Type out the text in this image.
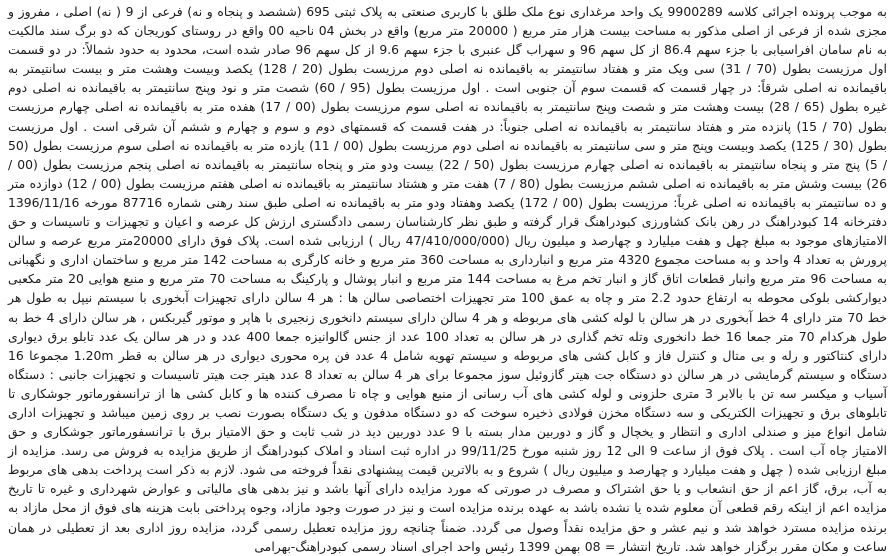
به موجب پرونده اجرائی کلاسه 9900289 یک واحد مرغداری نوع ملک طلق با کاربری صنعتی به پلاک ثبتی 695 (ششصد و پنجاه و نه) فرعی از 9 ( نه) اصلی ، مفروز و مجزی شده از فرعی از اصلی مذکور به مساحت بیست هزار متر مربع ( 20000 متر مربع) واقع در بخش 04 ناحیه 00 واقع در روستای کوریجان که دو برگ سند مالکیت به نام سامان افراسیابی با جزء سهم 86.4 از کل سهم 96 و سهراب گل عنبری با جزء سهم 9.6 از کل سهم 96 صادر شده است، محدود به حدود شمالاً: در دو قسمت اول مرزیست بطول (70 / 31) سی ویک متر و هفتاد سانتیمتر به باقیمانده نه اصلی دوم مرزیست بطول (20 / 128) یکصد وبیست وهشت متر و بیست سانتیمتر به باقیمانده نه اصلی شرقاً: در چهار قسمت که قسمت سوم آن جنوبی است . اول مرزیست بطول (95 / 60) شصت متر و نود وپنج سانتیمتر به باقیمانده نه اصلی دوم غیره بطول (65 / 28) بیست وهشت متر و شصت وپنج سانتیمتر به باقیمانده نه اصلی سوم مرزیست بطول (00 / 17) هفده متر به باقیمانده نه اصلی چهارم مرزیست بطول (70 / 15) پانزده متر و هفتاد سانتیمتر به باقیمانده نه اصلی جنوباً: در هفت قسمت که قسمتهای دوم و سوم و چهارم و ششم آن شرقی است . اول مرزیست بطول (30 / 125) یکصد وبیست وپنج متر و سی سانتیمتر به باقیمانده نه اصلی دوم مرزیست بطول (00 / 11) یازده متر به باقیمانده نه اصلی سوم مرزیست بطول (50 / 5) پنج متر و پنجاه سانتیمتر به باقیمانده نه اصلی چهارم مرزیست بطول (50 / 22) بیست ودو متر و پنجاه سانتیمتر به باقیمانده نه اصلی پنجم مرزیست بطول (00 / 26) بیست وشش متر به باقیمانده نه اصلی ششم مرزیست بطول (80 / 7) هفت متر و هشتاد سانتیمتر به باقیمانده نه اصلی هفتم مرزیست بطول (00 / 12) دوازده متر و ده سانتیمتر به باقیمانده نه اصلی غرباً: مرزیست بطول (00 / 172) یکصد وهفتاد ودو متر به باقیمانده نه اصلی طبق سند رهنی شماره 87716 مورخه 1396/11/16 دفترخانه 14 کبودراهنگ در رهن بانک کشاورزی کبودراهنگ قرار گرفته و طبق نظر کارشناسان رسمی دادگستری ارزش کل عرصه و اعیان و تجهیزات و تاسیسات و حق الامتیازهای موجود به مبلغ چهل و هفت میلیارد و چهارصد و میلیون ریال (47/410/000/000 ریال ) ارزیابی شده است. پلاک فوق دارای 20000متر مربع عرصه و سالن پرورش به تعداد 4 واحد و به مساحت مجموع 4320 متر مربع و انبارداری به مساحت 360 متر مربع و خانه کارگری به مساحت 142 متر مربع و ساختمان اداری و نگهبانی به مساحت 96 متر مربع وانبار قطعات اتاق گاز و انبار تخم مرغ به مساحت 144 متر مربع و انبار پوشال و پارکینگ به مساحت 70 متر مربع و منبع هوایی 20 متر مکعبی دیوارکشی بلوکی محوطه به ارتفاع حدود 2.2 متر و چاه به عمق 100 متر تجهیزات اختصاصی سالن ها : هر 4 سالن دارای تجهیزات آبخوری با سیستم نیپل به طول هر خط 70 متر دارای 4 خط آبخوری در هر سالن با لوله کشی های مربوطه و هر 4 سالن دارای سیستم دانخوری زنجیری با هاپر و موتور گیربکس ، هر سالن دارای 4 خط به طول هرکدام 70 متر جمعا 16 خط دانخوری وتله تخم گذاری در هر سالن به تعداد 100 عدد از جنس گالوانیزه جمعا 400 عدد و در هر سالن یک عدد تابلو برق دیواری دارای کنتاکتور و رله و بی متال و کنترل فاز و کابل کشی های مربوطه و سیستم تهویه شامل 4 عدد فن پره محوری دیواری در هر سالن به قطر 1.20m مجموعا 16 دستگاه و سیستم گرمایشی در هر سالن دو دستگاه جت هیتر گازوئیل سوز مجموعا برای هر 4 سالن به تعداد 8 عدد هیتر جت هیتر تاسیسات و تجهیزات جانبی : دستگاه آسیاب و میکسر سه تن با بالابر 3 متری حلزونی و لوله کشی های آب رسانی از منبع هوایی و چاه تا مصرف کننده ها و کابل کشی ها از ترانسفورماتور جوشکاری تا تابلوهای برق و تجهیزات الکتریکی و سه دستگاه مخزن فولادی ذخیره سوخت که دو دستگاه مدفون و یک دستگاه بصورت نصب بر روی زمین میباشد و تجهیزات اداری شامل انواع میز و صندلی اداری و انتظار و یخچال و گاز و دوربین مدار بسته با 9 عدد دوربین دید در شب ثابت و حق الامتیاز برق با ترانسفورماتور جوشکاری و حق الامتیاز چاه آب است . پلاک فوق از ساعت 9 الی 12 روز شنبه مورخ 99/11/25 در اداره ثبت اسناد و املاک کبودراهنگ از طریق مزایده به فروش می رسد. مزایده از مبلغ ارزیابی شده ( چهل و هفت میلیارد و چهارصد و میلیون ریال ) شروع و به بالاترین قیمت پیشنهادی نقداً فروخته می شود. لازم به ذکر است پرداخت بدهی های مربوط به آب، برق، گاز اعم از حق انشعاب و یا حق اشتراک و مصرف در صورتی که مورد مزایده دارای آنها باشد و نیز بدهی های مالیاتی و عوارض شهرداری و غیره تا تاریخ مزایده اعم از اینکه رقم قطعی آن معلوم شده یا نشده باشد به عهده برنده مزایده است و نیز در صورت وجود مازاد، وجوه پرداختی بابت هزینه های فوق از محل مازاد به برنده مزایده مسترد خواهد شد و نیم عشر و حق مزایده نقداً وصول می گردد. ضمناً چنانچه روز مزایده تعطیل رسمی گردد، مزایده روز اداری بعد از تعطیلی در همان ساعت و مکان مقرر برگزار خواهد شد. تاریخ انتشار = 08 بهمن 1399 رئیس واحد اجرای اسناد رسمی کبودراهنگ-بهرامی
